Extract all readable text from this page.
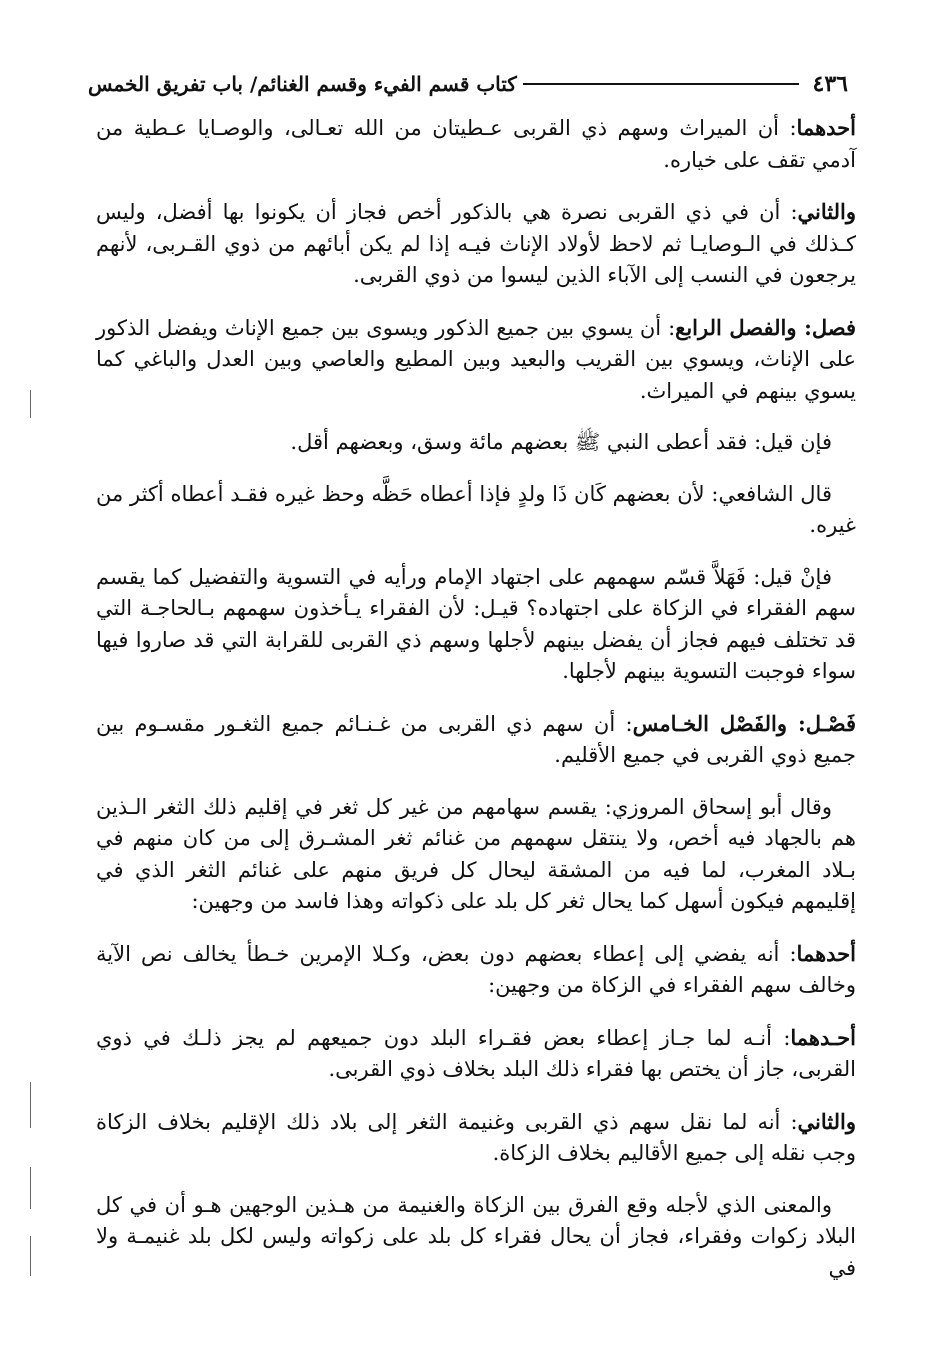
٤٣٦
كتاب قسم الفيء وقسم الغنائم/ باب تفريق الخمس

أحدهما: أن الميراث وسهم ذي القربى عـطيتان من الله تعـالى، والوصـايا عـطية من آدمي تقف على خياره.

والثاني: أن في ذي القربى نصرة هي بالذكور أخص فجاز أن يكونوا بها أفضل، وليس كـذلك في الـوصايـا ثم لاحظ لأولاد الإناث فيـه إذا لم يكن أبائهم من ذوي القـربى، لأنهم يرجعون في النسب إلى الآباء الذين ليسوا من ذوي القربى.

فصل: والفصل الرابع: أن يسوي بين جميع الذكور ويسوى بين جميع الإناث ويفضل الذكور على الإناث، ويسوي بين القريب والبعيد وبين المطيع والعاصي وبين العدل والباغي كما يسوي بينهم في الميراث.

فإن قيل: فقد أعطى النبي ﷺ بعضهم مائة وسق، وبعضهم أقل.

قال الشافعي: لأن بعضهم كَان ذَا ولدٍ فإذا أعطاه حَظَّه وحظ غيره فقـد أعطاه أكثر من غيره.

فإنْ قيل: فَهَلاَّ قسّم سهمهم على اجتهاد الإمام ورأيه في التسوية والتفضيل كما يقسم سهم الفقراء في الزكاة على اجتهاده؟ قيـل: لأن الفقراء يـأخذون سهمهم بـالحاجـة التي قد تختلف فيهم فجاز أن يفضل بينهم لأجلها وسهم ذي القربى للقرابة التي قد صاروا فيها سواء فوجبت التسوية بينهم لأجلها.

فَصْـل: والفَصْل الخـامس: أن سهم ذي القربى من غـنـائم جميع الثغـور مقسـوم بين جميع ذوي القربى في جميع الأقليم.

وقال أبو إسحاق المروزي: يقسم سهامهم من غير كل ثغر في إقليم ذلك الثغر الـذين هم بالجهاد فيه أخص، ولا ينتقل سهمهم من غنائم ثغر المشـرق إلى من كان منهم في بـلاد المغرب، لما فيه من المشقة ليحال كل فريق منهم على غنائم الثغر الذي في إقليمهم فيكون أسهل كما يحال ثغر كل بلد على ذكواته وهذا فاسد من وجهين:

أحدهما: أنه يفضي إلى إعطاء بعضهم دون بعض، وكـلا الإمرين خـطأ يخالف نص الآية وخالف سهم الفقراء في الزكاة من وجهين:

أحـدهما: أنـه لما جـاز إعطاء بعض فقـراء البلد دون جميعهم لم يجز ذلـك في ذوي القربى، جاز أن يختص بها فقراء ذلك البلد بخلاف ذوي القربى.

والثاني: أنه لما نقل سهم ذي القربى وغنيمة الثغر إلى بلاد ذلك الإقليم بخلاف الزكاة وجب نقله إلى جميع الأقاليم بخلاف الزكاة.

والمعنى الذي لأجله وقع الفرق بين الزكاة والغنيمة من هـذين الوجهين هـو أن في كل البلاد زكوات وفقراء، فجاز أن يحال فقراء كل بلد على زكواته وليس لكل بلد غنيمـة ولا في
